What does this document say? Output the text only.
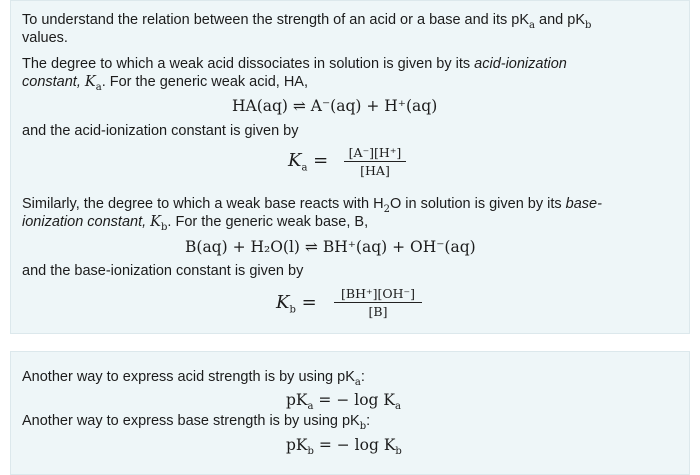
To understand the relation between the strength of an acid or a base and its $pK_a$ and $pK_b$
values.
The degree to which a weak acid dissociates in solution is given by its acid-ionization
constant, $K_a$. For the generic weak acid, HA,
HA(aq) ⇌ A⁻(aq) + H⁺(aq)
and the acid-ionization constant is given by
$K_a$ =	[A⁻][H⁺]
[HA]
Similarly, the degree to which a weak base reacts with $H_2O$ in solution is given by its base-
ionization constant, $K_b$. For the generic weak base, B,
B(aq) + H₂O(l) ⇌ BH⁺(aq) + OH⁻(aq)
and the base-ionization constant is given by
$K_b$ =	[BH⁺][OH⁻]
[B]
Another way to express acid strength is by using $pK_a$:
$pK_a$ = − $\log K_a$
Another way to express base strength is by using $pK_b$:
$pK_b$ = − $\log K_b$
